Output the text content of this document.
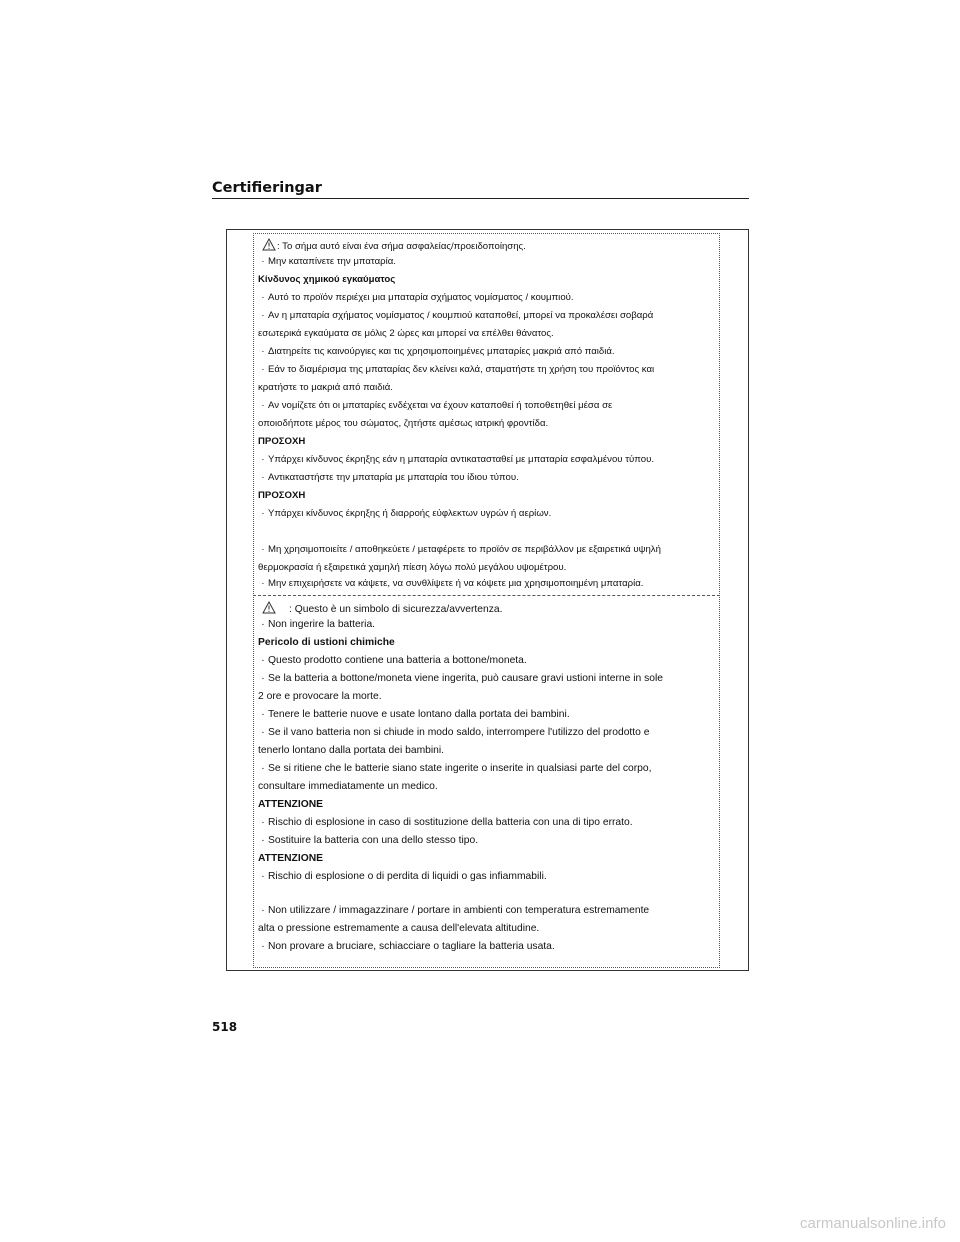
Certifieringar
: Το σήμα αυτό είναι ένα σήμα ασφαλείας/προειδοποίησης.
· Μην καταπίνετε την μπαταρία.
Κίνδυνος χημικού εγκαύματος
· Αυτό το προϊόν περιέχει μια μπαταρία σχήματος νομίσματος / κουμπιού.
· Αν η μπαταρία σχήματος νομίσματος / κουμπιού καταποθεί, μπορεί να προκαλέσει σοβαρά
εσωτερικά εγκαύματα σε μόλις 2 ώρες και μπορεί να επέλθει θάνατος.
· Διατηρείτε τις καινούργιες και τις χρησιμοποιημένες μπαταρίες μακριά από παιδιά.
· Εάν το διαμέρισμα της μπαταρίας δεν κλείνει καλά, σταματήστε τη χρήση του προϊόντος και
κρατήστε το μακριά από παιδιά.
· Αν νομίζετε ότι οι μπαταρίες ενδέχεται να έχουν καταποθεί ή τοποθετηθεί μέσα σε
οποιοδήποτε μέρος του σώματος, ζητήστε αμέσως ιατρική φροντίδα.
ΠΡΟΣΟΧΗ
· Υπάρχει κίνδυνος έκρηξης εάν η μπαταρία αντικατασταθεί με μπαταρία εσφαλμένου τύπου.
· Αντικαταστήστε την μπαταρία με μπαταρία του ίδιου τύπου.
ΠΡΟΣΟΧΗ
· Υπάρχει κίνδυνος έκρηξης ή διαρροής εύφλεκτων υγρών ή αερίων.
· Μη χρησιμοποιείτε / αποθηκεύετε / μεταφέρετε το προϊόν σε περιβάλλον με εξαιρετικά υψηλή
θερμοκρασία ή εξαιρετικά χαμηλή πίεση λόγω πολύ μεγάλου υψομέτρου.
· Μην επιχειρήσετε να κάψετε, να συνθλίψετε ή να κόψετε μια χρησιμοποιημένη μπαταρία.
: Questo è un simbolo di sicurezza/avvertenza.
· Non ingerire la batteria.
Pericolo di ustioni chimiche
· Questo prodotto contiene una batteria a bottone/moneta.
· Se la batteria a bottone/moneta viene ingerita, può causare gravi ustioni interne in sole
2 ore e provocare la morte.
· Tenere le batterie nuove e usate lontano dalla portata dei bambini.
· Se il vano batteria non si chiude in modo saldo, interrompere l'utilizzo del prodotto e
tenerlo lontano dalla portata dei bambini.
· Se si ritiene che le batterie siano state ingerite o inserite in qualsiasi parte del corpo,
consultare immediatamente un medico.
ATTENZIONE
· Rischio di esplosione in caso di sostituzione della batteria con una di tipo errato.
· Sostituire la batteria con una dello stesso tipo.
ATTENZIONE
· Rischio di esplosione o di perdita di liquidi o gas infiammabili.
· Non utilizzare / immagazzinare / portare in ambienti con temperatura estremamente
alta o pressione estremamente a causa dell'elevata altitudine.
· Non provare a bruciare, schiacciare o tagliare la batteria usata.
518
carmanualsonline.info
